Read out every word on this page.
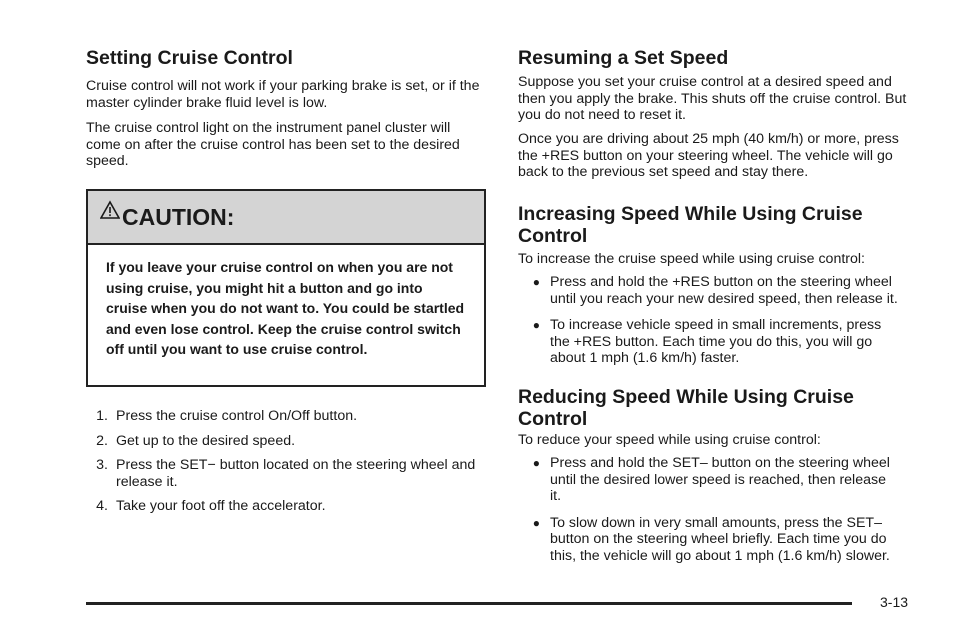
Setting Cruise Control

Cruise control will not work if your parking brake is set, or if the master cylinder brake fluid level is low.

The cruise control light on the instrument panel cluster will come on after the cruise control has been set to the desired speed.

CAUTION:
If you leave your cruise control on when you are not using cruise, you might hit a button and go into cruise when you do not want to. You could be startled and even lose control. Keep the cruise control switch off until you want to use cruise control.
1. Press the cruise control On/Off button.
2. Get up to the desired speed.
3. Press the SET− button located on the steering wheel and release it.
4. Take your foot off the accelerator.
Resuming a Set Speed

Suppose you set your cruise control at a desired speed and then you apply the brake. This shuts off the cruise control. But you do not need to reset it.

Once you are driving about 25 mph (40 km/h) or more, press the +RES button on your steering wheel. The vehicle will go back to the previous set speed and stay there.

Increasing Speed While Using Cruise Control

To increase the cruise speed while using cruise control:

● Press and hold the +RES button on the steering wheel until you reach your new desired speed, then release it.
● To increase vehicle speed in small increments, press the +RES button. Each time you do this, you will go about 1 mph (1.6 km/h) faster.
Reducing Speed While Using Cruise Control

To reduce your speed while using cruise control:

● Press and hold the SET– button on the steering wheel until the desired lower speed is reached, then release it.
● To slow down in very small amounts, press the SET– button on the steering wheel briefly. Each time you do this, the vehicle will go about 1 mph (1.6 km/h) slower.
3-13
